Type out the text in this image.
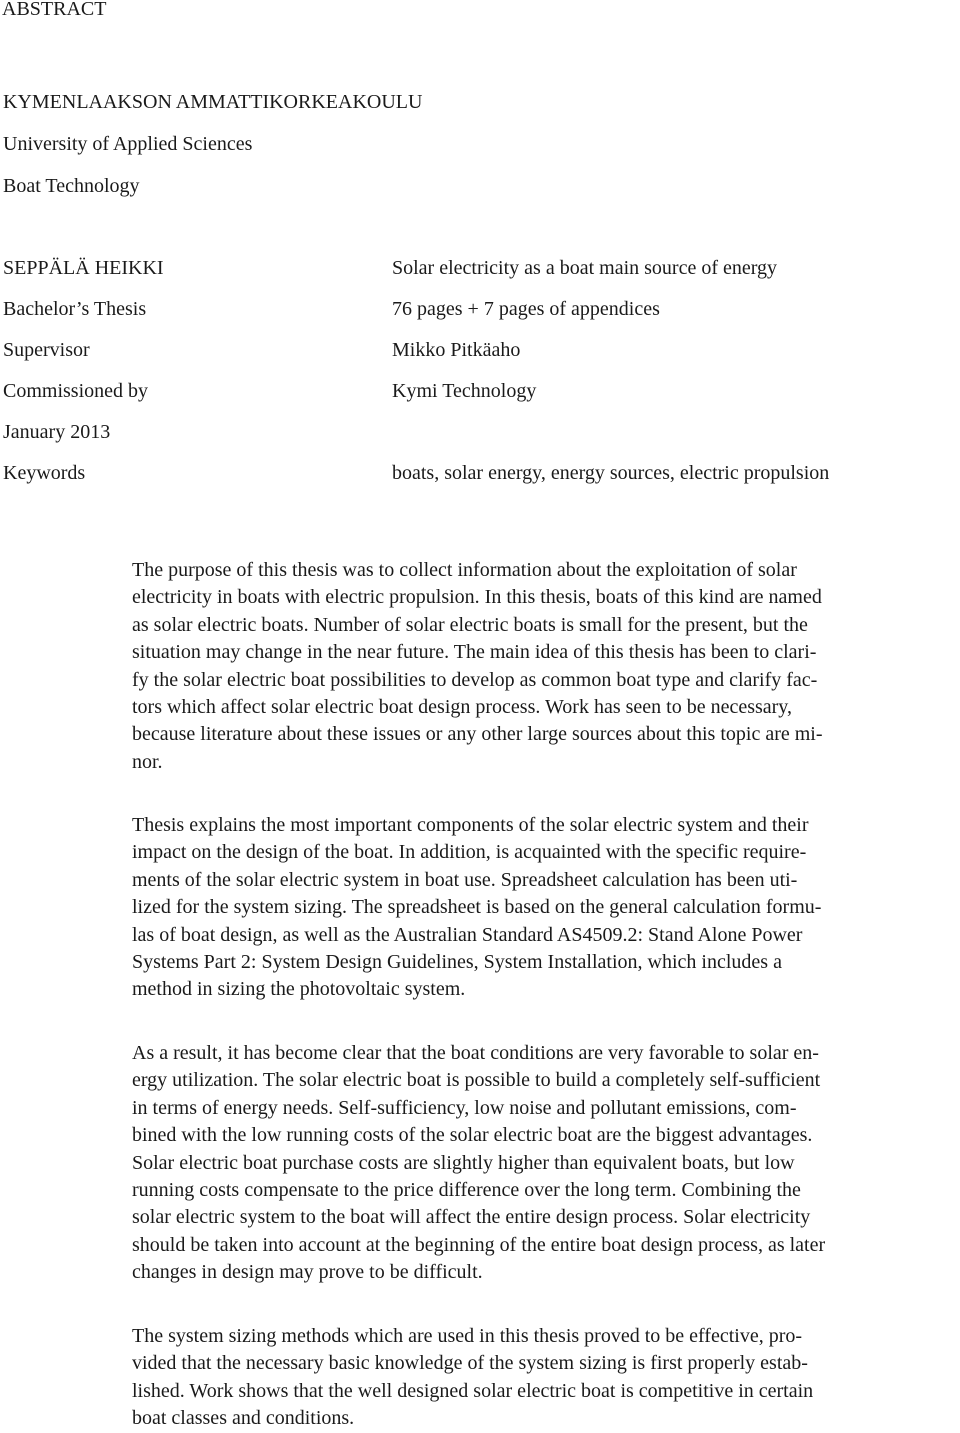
ABSTRACT
KYMENLAAKSON AMMATTIKORKEAKOULU
University of Applied Sciences
Boat Technology
SEPPÄLÄ HEIKKI	Solar electricity as a boat main source of energy
Bachelor’s Thesis	76 pages + 7 pages of appendices
Supervisor	Mikko Pitkäaho
Commissioned by	Kymi Technology
January 2013
Keywords	boats, solar energy, energy sources, electric propulsion
The purpose of this thesis was to collect information about the exploitation of solar
electricity in boats with electric propulsion. In this thesis, boats of this kind are named
as solar electric boats. Number of solar electric boats is small for the present, but the
situation may change in the near future. The main idea of this thesis has been to clari-
fy the solar electric boat possibilities to develop as common boat type and clarify fac-
tors which affect solar electric boat design process. Work has seen to be necessary,
because literature about these issues or any other large sources about this topic are mi-
nor.
Thesis explains the most important components of the solar electric system and their
impact on the design of the boat. In addition, is acquainted with the specific require-
ments of the solar electric system in boat use. Spreadsheet calculation has been uti-
lized for the system sizing. The spreadsheet is based on the general calculation formu-
las of boat design, as well as the Australian Standard AS4509.2: Stand Alone Power
Systems Part 2: System Design Guidelines, System Installation, which includes a
method in sizing the photovoltaic system.
As a result, it has become clear that the boat conditions are very favorable to solar en-
ergy utilization. The solar electric boat is possible to build a completely self-sufficient
in terms of energy needs. Self-sufficiency, low noise and pollutant emissions, com-
bined with the low running costs of the solar electric boat are the biggest advantages.
Solar electric boat purchase costs are slightly higher than equivalent boats, but low
running costs compensate to the price difference over the long term. Combining the
solar electric system to the boat will affect the entire design process. Solar electricity
should be taken into account at the beginning of the entire boat design process, as later
changes in design may prove to be difficult.
The system sizing methods which are used in this thesis proved to be effective, pro-
vided that the necessary basic knowledge of the system sizing is first properly estab-
lished. Work shows that the well designed solar electric boat is competitive in certain
boat classes and conditions.
